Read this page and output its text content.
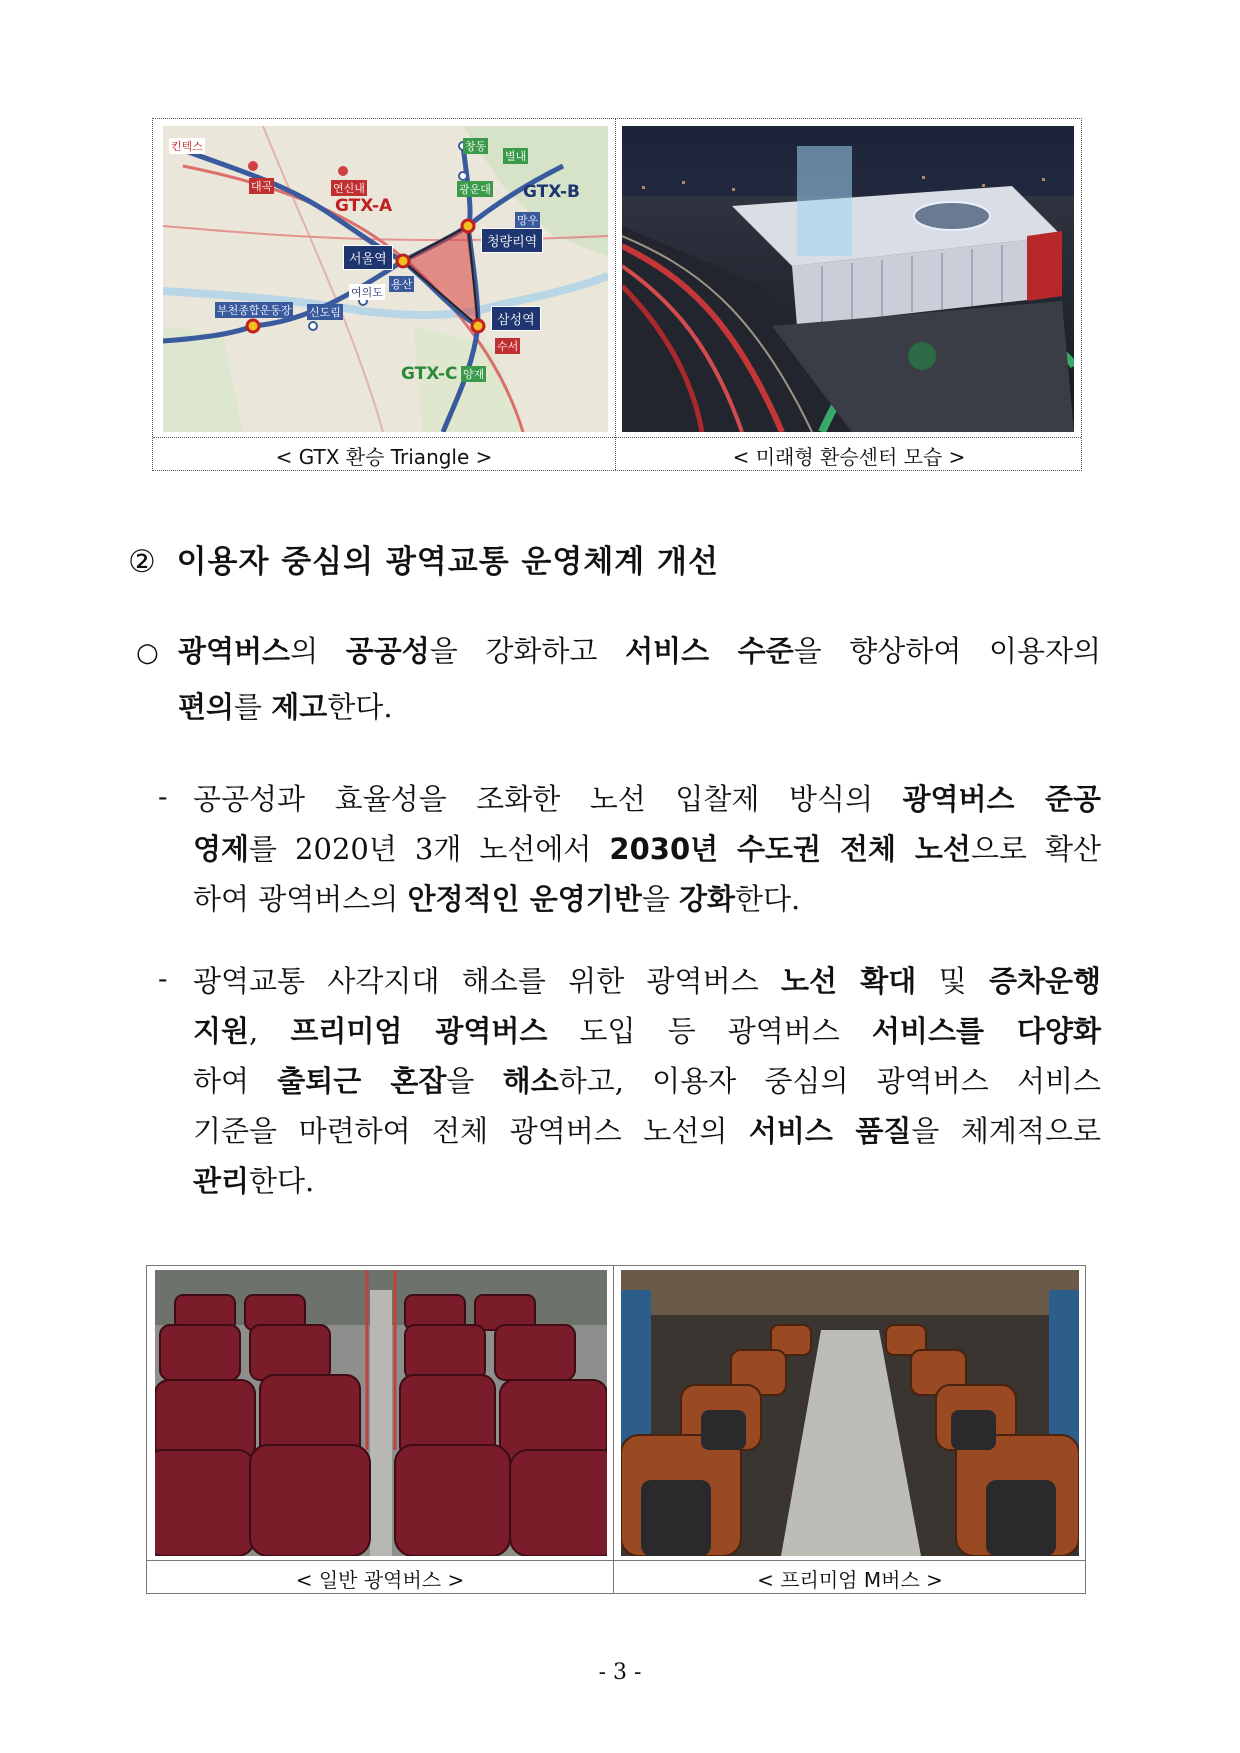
킨텍스
대곡	연신내
창동
별내
광운대
망우
GTX-A
GTX-B
GTX-C
서울역
청량리역
삼성역
부천종합운동장 신도림
여의도
용산
수서
양재
< GTX 환승 Triangle >	< 미래형 환승센터 모습 >
② 이용자 중심의 광역교통 운영체계 개선
○ 광역버스의 공공성을 강화하고 서비스 수준을 향상하여 이용자의
편의를 제고한다.
- 공공성과 효율성을 조화한 노선 입찰제 방식의 광역버스 준공
영제를 2020년 3개 노선에서 2030년 수도권 전체 노선으로 확산
하여 광역버스의 안정적인 운영기반을 강화한다.
- 광역교통 사각지대 해소를 위한 광역버스 노선 확대 및 증차운행
지원, 프리미엄 광역버스 도입 등 광역버스 서비스를 다양화
하여 출퇴근 혼잡을 해소하고, 이용자 중심의 광역버스 서비스
기준을 마련하여 전체 광역버스 노선의 서비스 품질을 체계적으로
관리한다.
< 일반 광역버스 >	< 프리미엄 M버스 >
- 3 -
